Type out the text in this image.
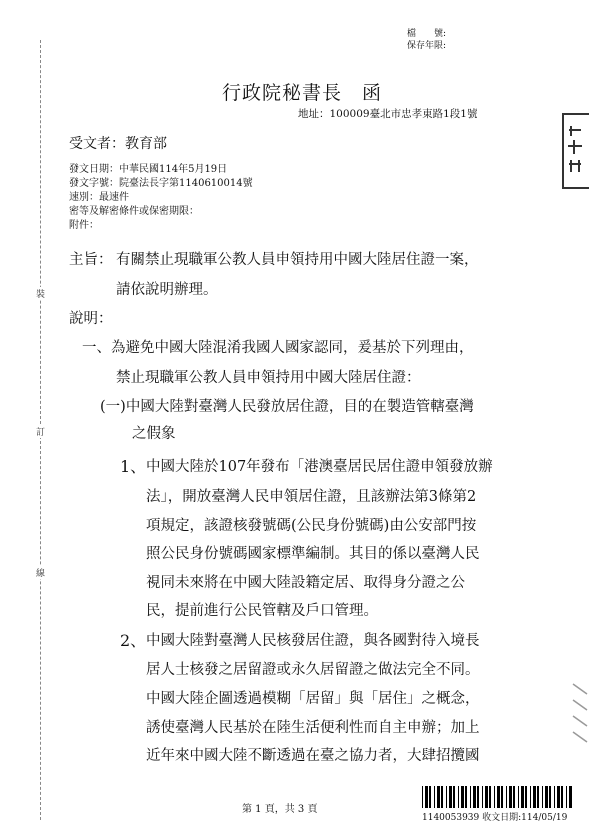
裝
訂
線
檔　　號:
保存年限:
行政院秘書長　函
地址：100009臺北市忠孝東路1段1號
受文者：教育部
發文日期：中華民國114年5月19日
發文字號：院臺法長字第1140610014號
速別：最速件
密等及解密條件或保密期限：
附件：
主旨： 有關禁止現職軍公教人員申領持用中國大陸居住證一案，
請依說明辦理。
說明：
一、為避免中國大陸混淆我國人國家認同，爰基於下列理由，
禁止現職軍公教人員申領持用中國大陸居住證：
(一)中國大陸對臺灣人民發放居住證，目的在製造管轄臺灣
之假象
1、 中國大陸於107年發布「港澳臺居民居住證申領發放辦
法」，開放臺灣人民申領居住證，且該辦法第3條第2
項規定，該證核發號碼(公民身份號碼)由公安部門按
照公民身份號碼國家標準編制。其目的係以臺灣人民
視同未來將在中國大陸設籍定居、取得身分證之公
民，提前進行公民管轄及戶口管理。
2、 中國大陸對臺灣人民核發居住證，與各國對待入境長
居人士核發之居留證或永久居留證之做法完全不同。
中國大陸企圖透過模糊「居留」與「居住」之概念，
誘使臺灣人民基於在陸生活便利性而自主申辦；加上
近年來中國大陸不斷透過在臺之協力者，大肆招攬國
第 1 頁，共 3 頁
1140053939 收文日期:114/05/19
